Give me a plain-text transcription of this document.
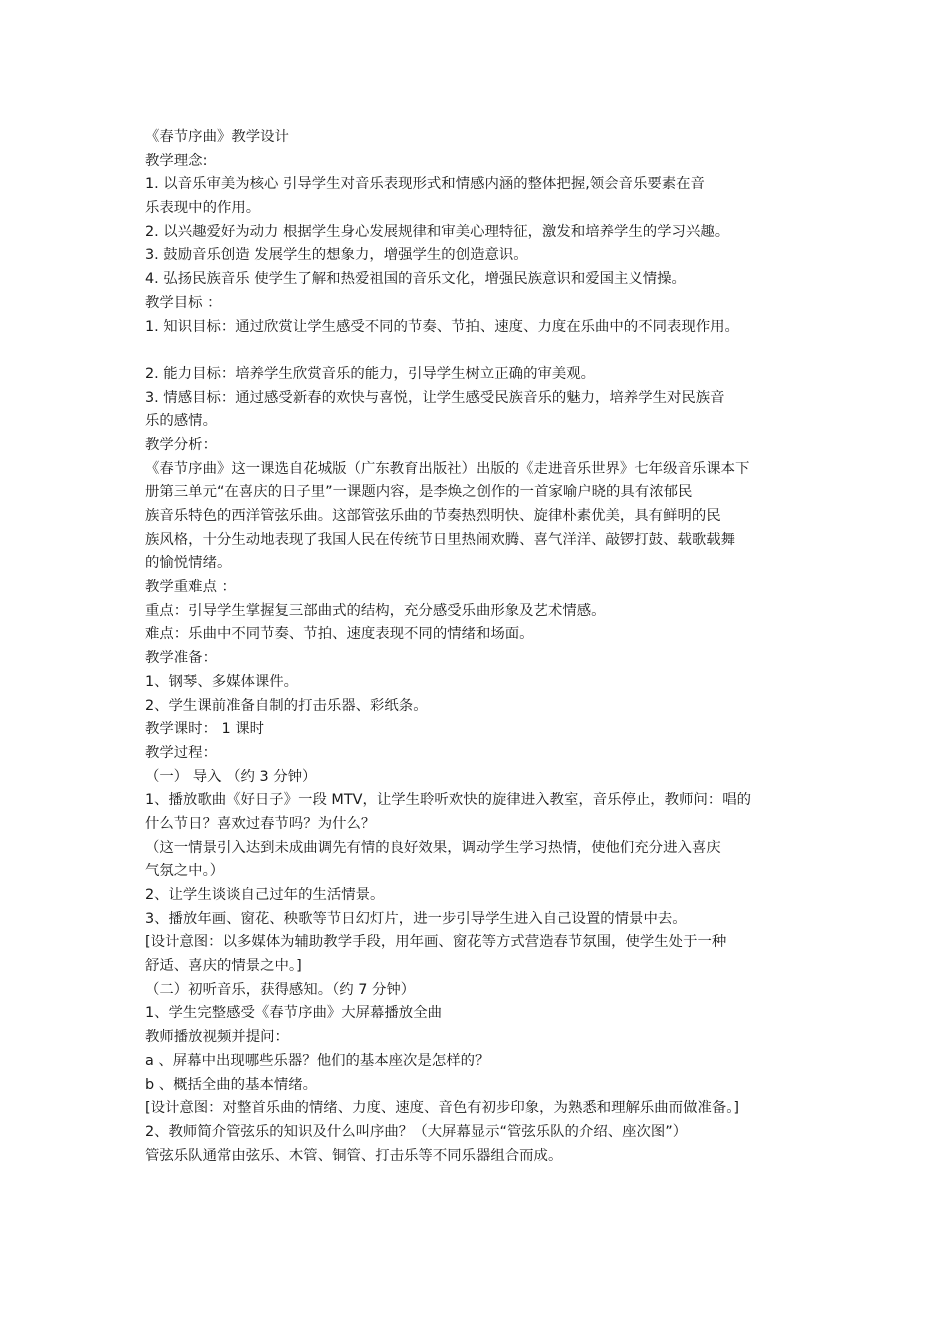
《春节序曲》教学设计
教学理念:
1. 以音乐审美为核心 引导学生对音乐表现形式和情感内涵的整体把握,领会音乐要素在音
乐表现中的作用。
2. 以兴趣爱好为动力 根据学生身心发展规律和审美心理特征，激发和培养学生的学习兴趣。
3. 鼓励音乐创造 发展学生的想象力，增强学生的创造意识。
4. 弘扬民族音乐 使学生了解和热爱祖国的音乐文化，增强民族意识和爱国主义情操。
教学目标 ：
1. 知识目标：通过欣赏让学生感受不同的节奏、节拍、速度、力度在乐曲中的不同表现作用。
2. 能力目标：培养学生欣赏音乐的能力，引导学生树立正确的审美观。
3. 情感目标：通过感受新春的欢快与喜悦，让学生感受民族音乐的魅力，培养学生对民族音
乐的感情。
教学分析：
《春节序曲》这一课选自花城版（广东教育出版社）出版的《走进音乐世界》七年级音乐课本下
册第三单元“在喜庆的日子里”一课题内容，是李焕之创作的一首家喻户晓的具有浓郁民
族音乐特色的西洋管弦乐曲。这部管弦乐曲的节奏热烈明快、旋律朴素优美，具有鲜明的民
族风格，十分生动地表现了我国人民在传统节日里热闹欢腾、喜气洋洋、敲锣打鼓、载歌载舞
的愉悦情绪。
教学重难点 ：
重点：引导学生掌握复三部曲式的结构，充分感受乐曲形象及艺术情感。
难点：乐曲中不同节奏、节拍、速度表现不同的情绪和场面。
教学准备：
1、钢琴、多媒体课件。
2、学生课前准备自制的打击乐器、彩纸条。
教学课时： 1 课时
教学过程：
（一） 导入 （约 3 分钟）
1、播放歌曲《好日子》一段 MTV，让学生聆听欢快的旋律进入教室，音乐停止，教师问：唱的
什么节日？喜欢过春节吗？为什么？
（这一情景引入达到未成曲调先有情的良好效果，调动学生学习热情，使他们充分进入喜庆
气氛之中。）
2、让学生谈谈自己过年的生活情景。
3、播放年画、窗花、秧歌等节日幻灯片，进一步引导学生进入自己设置的情景中去。
[设计意图：以多媒体为辅助教学手段，用年画、窗花等方式营造春节氛围，使学生处于一种
舒适、喜庆的情景之中。]
（二）初听音乐，获得感知。（约 7 分钟）
1、学生完整感受《春节序曲》大屏幕播放全曲
教师播放视频并提问：
a 、屏幕中出现哪些乐器？他们的基本座次是怎样的？
b 、概括全曲的基本情绪。
[设计意图：对整首乐曲的情绪、力度、速度、音色有初步印象，为熟悉和理解乐曲而做准备。]
2、教师简介管弦乐的知识及什么叫序曲？（大屏幕显示“管弦乐队的介绍、座次图”）
管弦乐队通常由弦乐、木管、铜管、打击乐等不同乐器组合而成。
